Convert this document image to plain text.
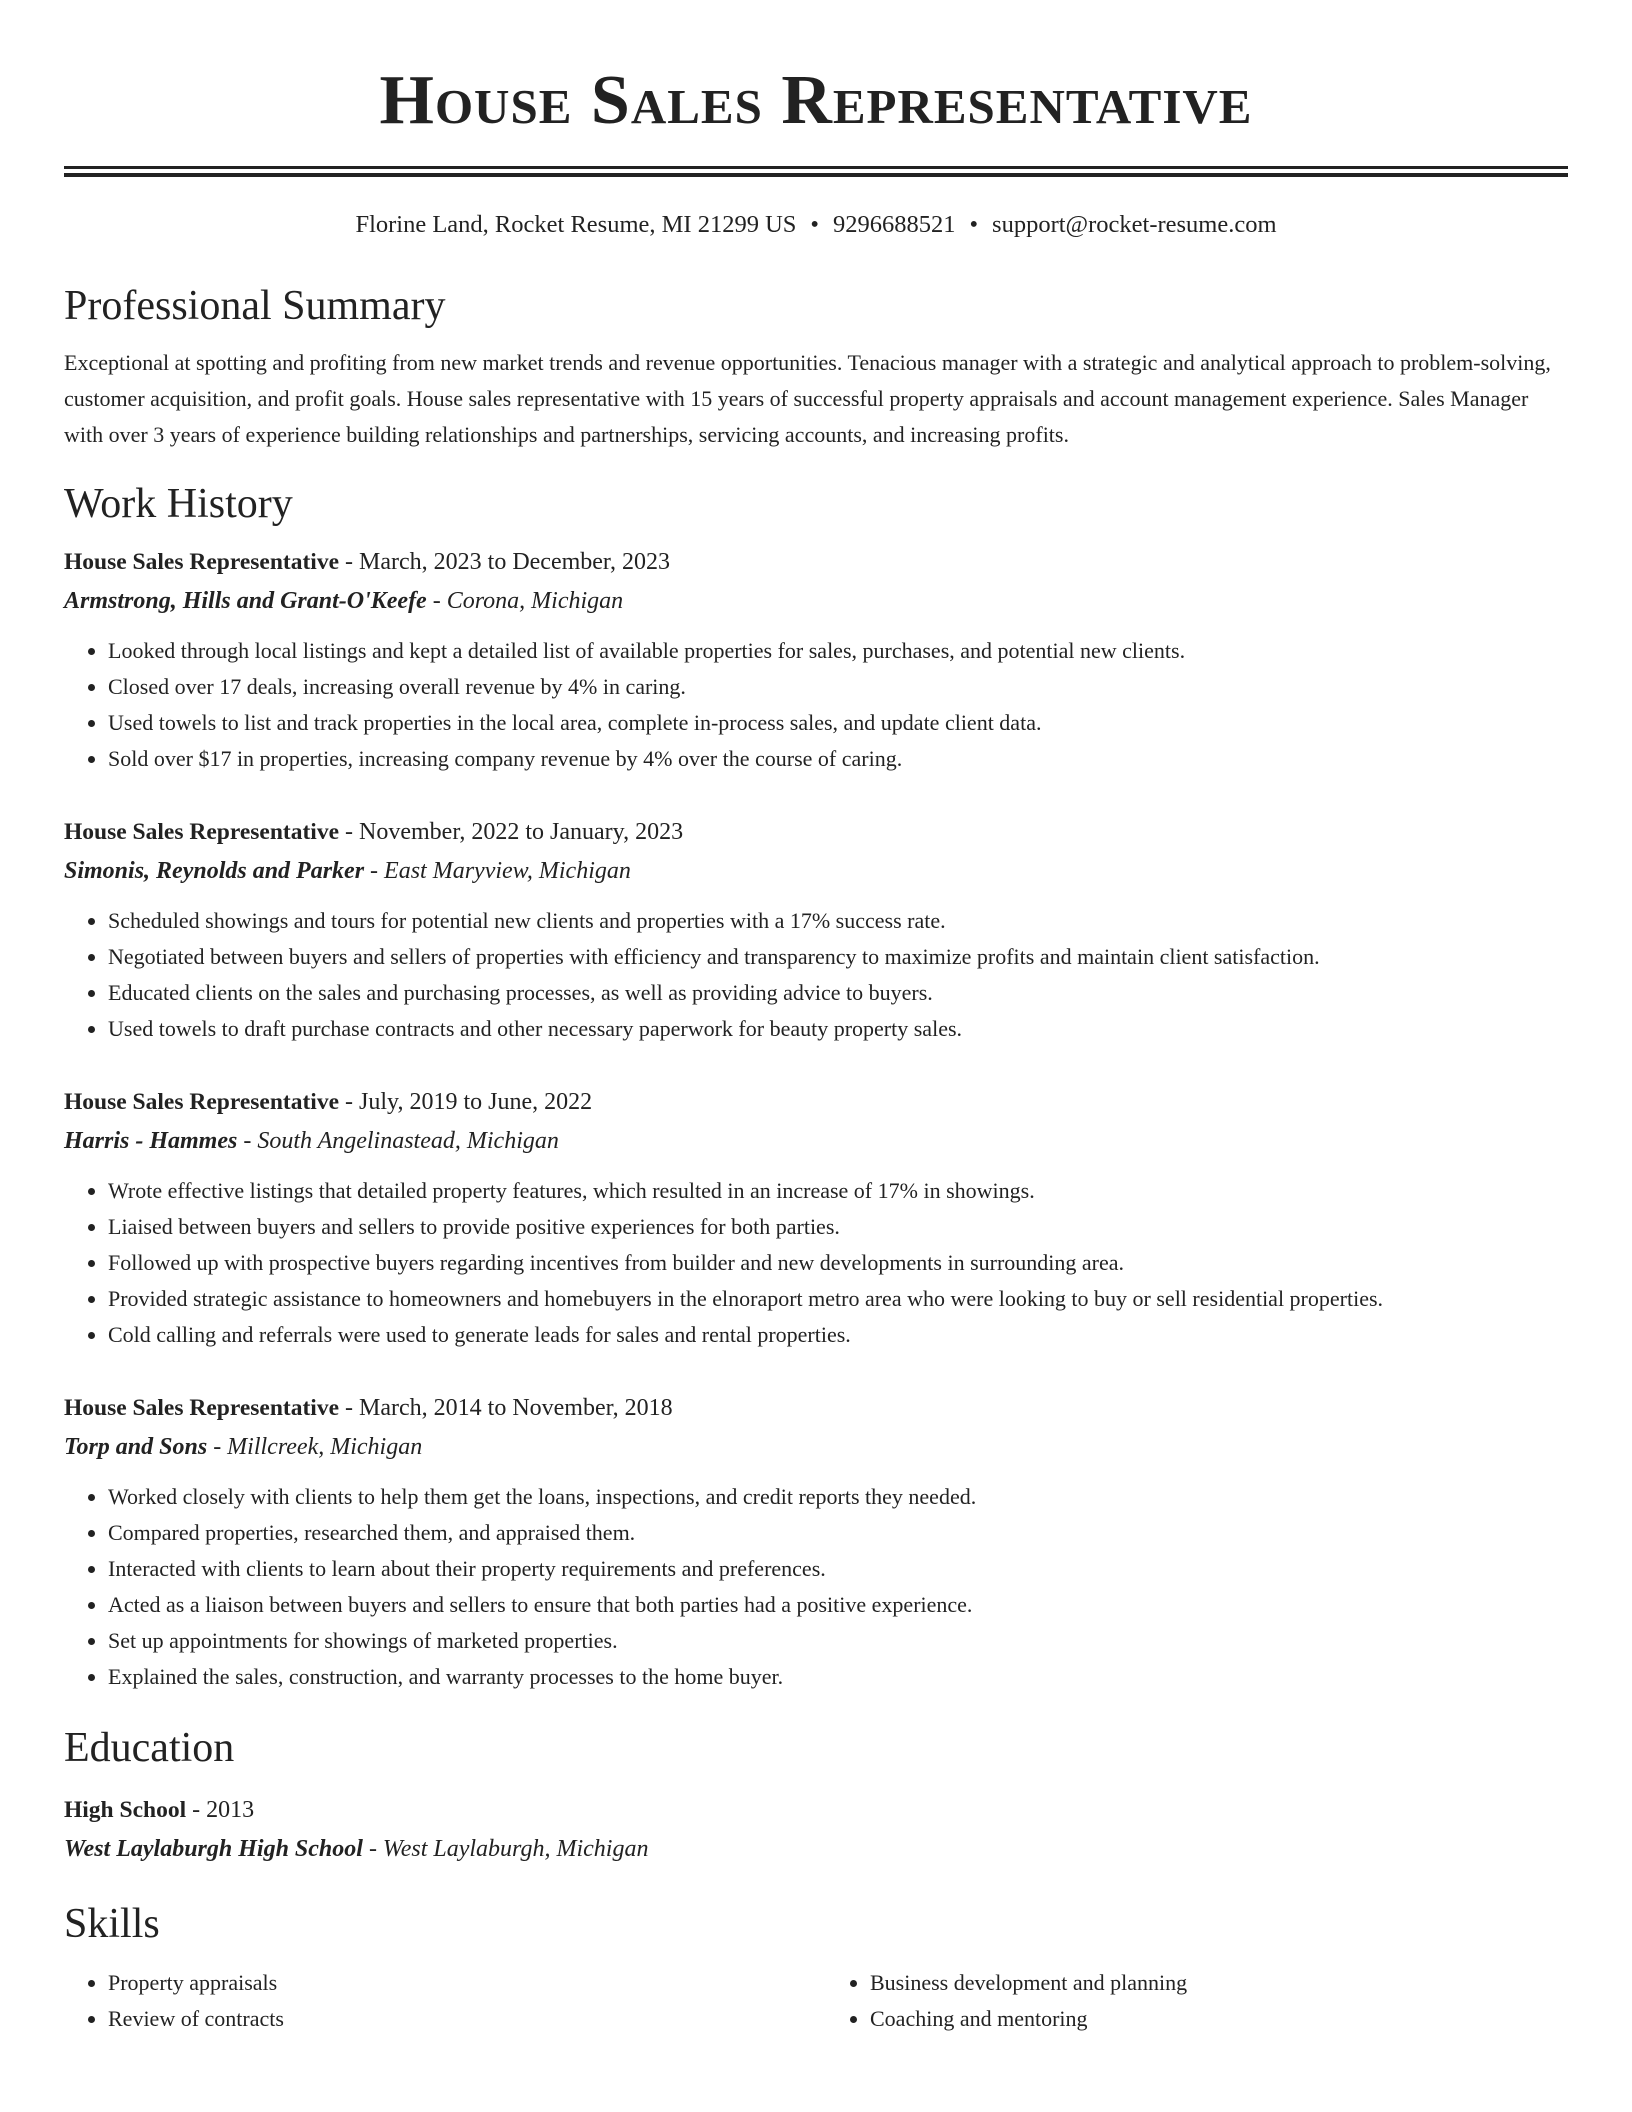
House Sales Representative
Florine Land, Rocket Resume, MI 21299 US • 9296688521 • support@rocket-resume.com
Professional Summary
Exceptional at spotting and profiting from new market trends and revenue opportunities. Tenacious manager with a strategic and analytical approach to problem-solving, customer acquisition, and profit goals. House sales representative with 15 years of successful property appraisals and account management experience. Sales Manager with over 3 years of experience building relationships and partnerships, servicing accounts, and increasing profits.
Work History
House Sales Representative - March, 2023 to December, 2023
Armstrong, Hills and Grant-O'Keefe - Corona, Michigan
• Looked through local listings and kept a detailed list of available properties for sales, purchases, and potential new clients.
• Closed over 17 deals, increasing overall revenue by 4% in caring.
• Used towels to list and track properties in the local area, complete in-process sales, and update client data.
• Sold over $17 in properties, increasing company revenue by 4% over the course of caring.
House Sales Representative - November, 2022 to January, 2023
Simonis, Reynolds and Parker - East Maryview, Michigan
• Scheduled showings and tours for potential new clients and properties with a 17% success rate.
• Negotiated between buyers and sellers of properties with efficiency and transparency to maximize profits and maintain client satisfaction.
• Educated clients on the sales and purchasing processes, as well as providing advice to buyers.
• Used towels to draft purchase contracts and other necessary paperwork for beauty property sales.
House Sales Representative - July, 2019 to June, 2022
Harris - Hammes - South Angelinastead, Michigan
• Wrote effective listings that detailed property features, which resulted in an increase of 17% in showings.
• Liaised between buyers and sellers to provide positive experiences for both parties.
• Followed up with prospective buyers regarding incentives from builder and new developments in surrounding area.
• Provided strategic assistance to homeowners and homebuyers in the elnoraport metro area who were looking to buy or sell residential properties.
• Cold calling and referrals were used to generate leads for sales and rental properties.
House Sales Representative - March, 2014 to November, 2018
Torp and Sons - Millcreek, Michigan
• Worked closely with clients to help them get the loans, inspections, and credit reports they needed.
• Compared properties, researched them, and appraised them.
• Interacted with clients to learn about their property requirements and preferences.
• Acted as a liaison between buyers and sellers to ensure that both parties had a positive experience.
• Set up appointments for showings of marketed properties.
• Explained the sales, construction, and warranty processes to the home buyer.
Education
High School - 2013
West Laylaburgh High School - West Laylaburgh, Michigan
Skills
• Property appraisals
• Review of contracts
• Business development and planning
• Coaching and mentoring
